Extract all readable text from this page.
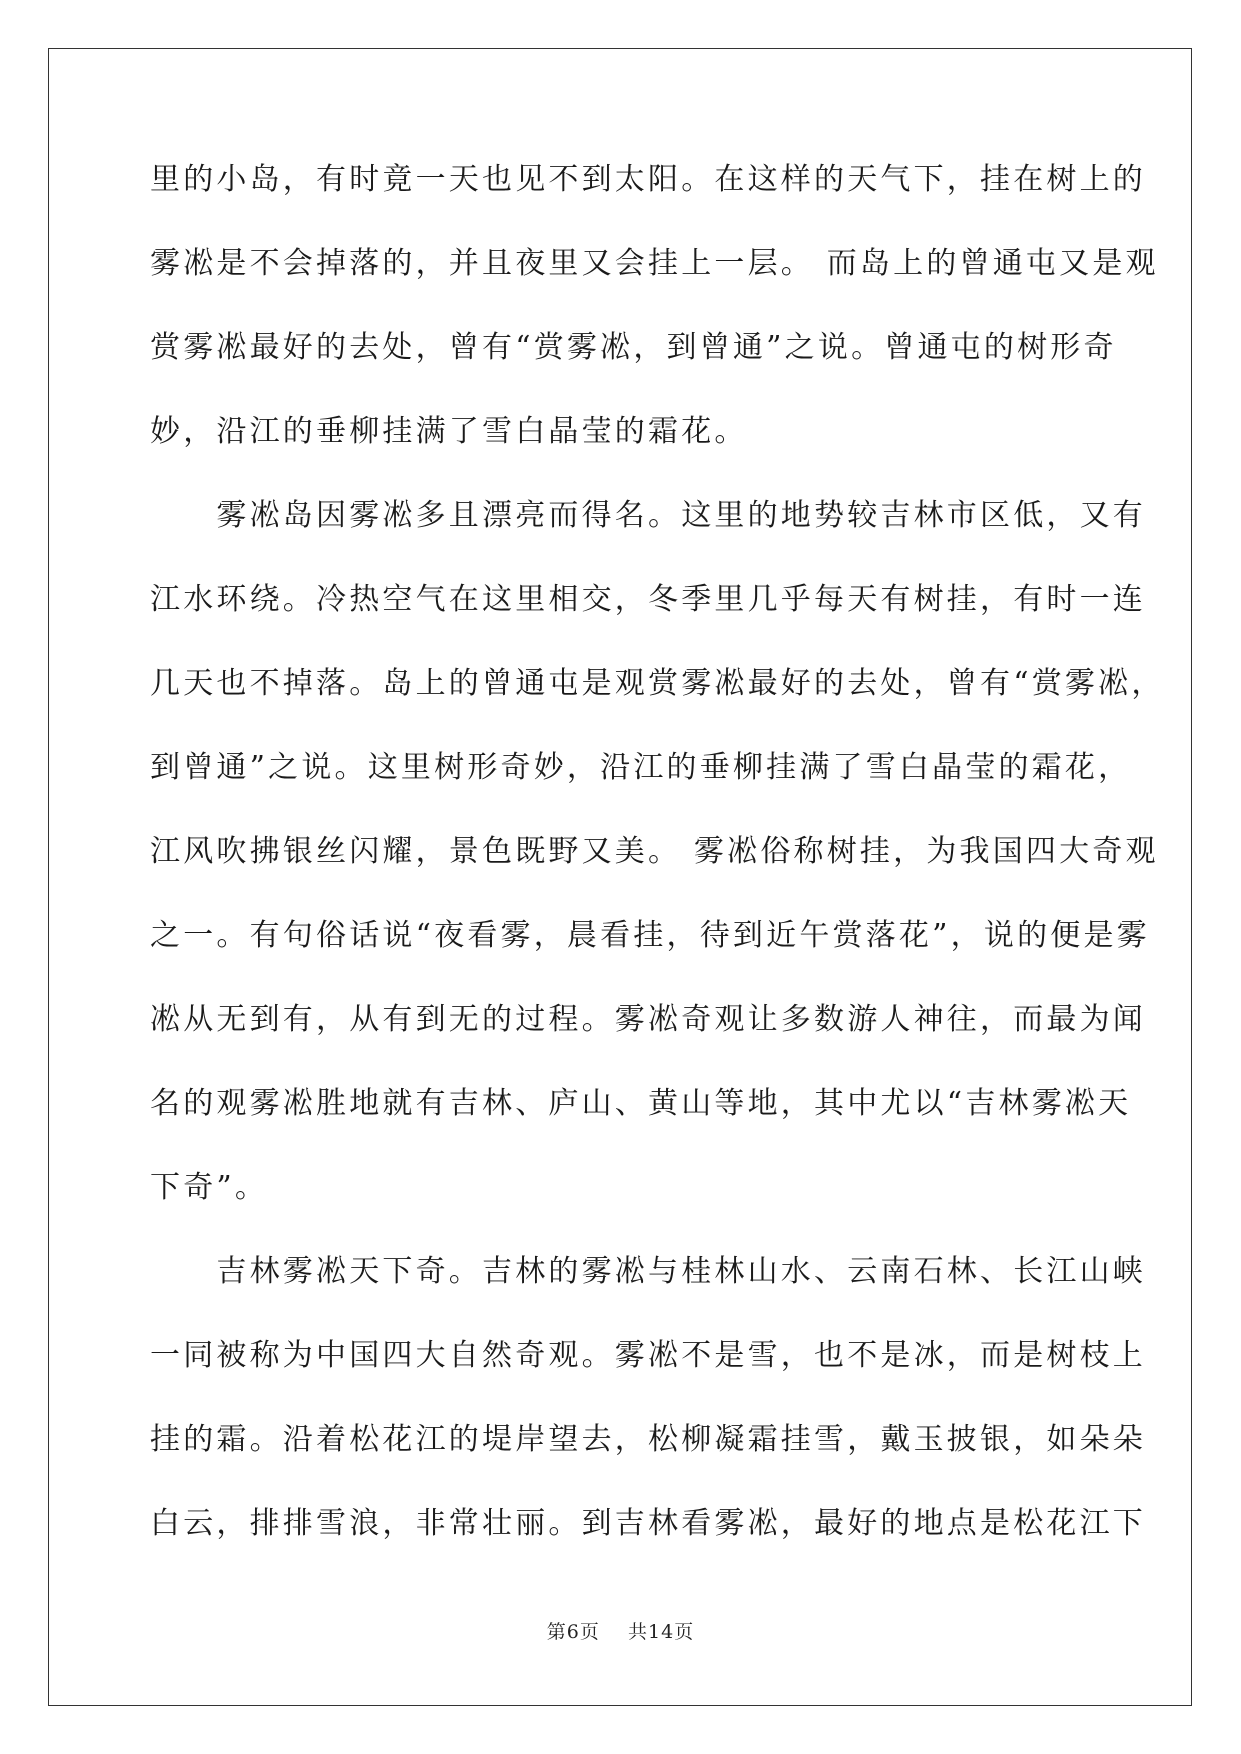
里的小岛，有时竟一天也见不到太阳。在这样的天气下，挂在树上的
雾凇是不会掉落的，并且夜里又会挂上一层。 而岛上的曾通屯又是观
赏雾凇最好的去处，曾有“赏雾凇，到曾通”之说。曾通屯的树形奇
妙，沿江的垂柳挂满了雪白晶莹的霜花。
　　雾凇岛因雾凇多且漂亮而得名。这里的地势较吉林市区低，又有
江水环绕。冷热空气在这里相交，冬季里几乎每天有树挂，有时一连
几天也不掉落。岛上的曾通屯是观赏雾凇最好的去处，曾有“赏雾凇，
到曾通”之说。这里树形奇妙，沿江的垂柳挂满了雪白晶莹的霜花，
江风吹拂银丝闪耀，景色既野又美。 雾凇俗称树挂，为我国四大奇观
之一。有句俗话说“夜看雾，晨看挂，待到近午赏落花”，说的便是雾
凇从无到有，从有到无的过程。雾凇奇观让多数游人神往，而最为闻
名的观雾凇胜地就有吉林、庐山、黄山等地，其中尤以“吉林雾凇天
下奇”。
　　吉林雾凇天下奇。吉林的雾凇与桂林山水、云南石林、长江山峡
一同被称为中国四大自然奇观。雾凇不是雪，也不是冰，而是树枝上
挂的霜。沿着松花江的堤岸望去，松柳凝霜挂雪，戴玉披银，如朵朵
白云，排排雪浪，非常壮丽。到吉林看雾凇，最好的地点是松花江下
第6页 共14页
